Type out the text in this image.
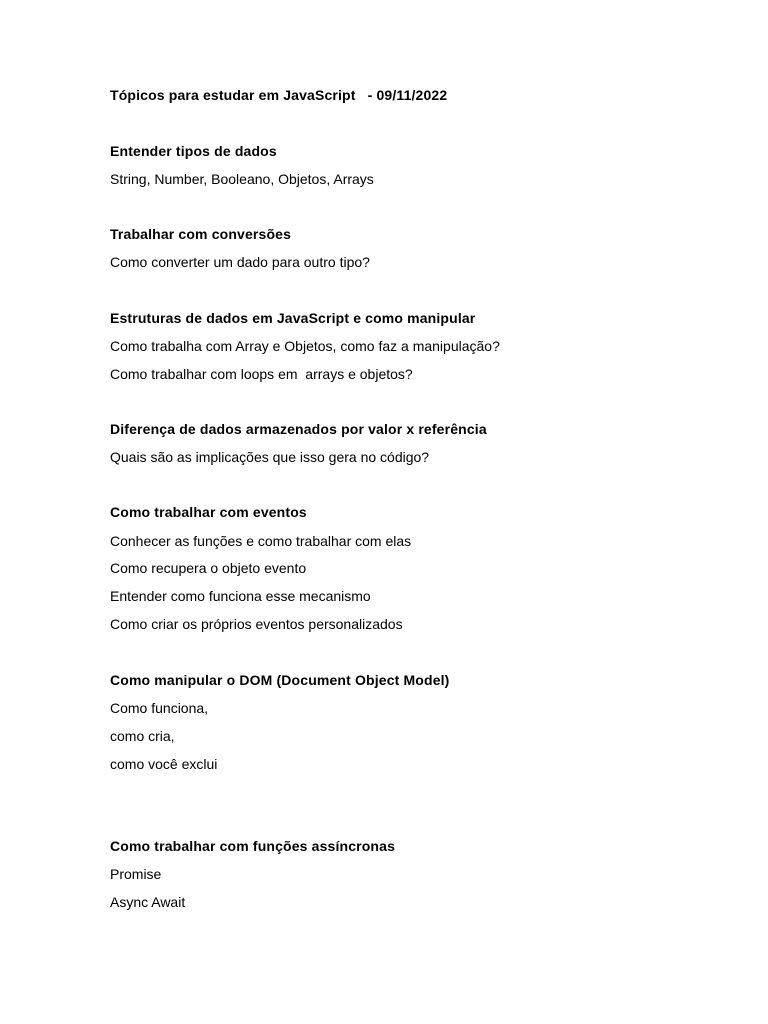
Tópicos para estudar em JavaScript   - 09/11/2022
Entender tipos de dados
String, Number, Booleano, Objetos, Arrays
Trabalhar com conversões
Como converter um dado para outro tipo?
Estruturas de dados em JavaScript e como manipular
Como trabalha com Array e Objetos, como faz a manipulação?
Como trabalhar com loops em  arrays e objetos?
Diferença de dados armazenados por valor x referência
Quais são as implicações que isso gera no código?
Como trabalhar com eventos
Conhecer as funções e como trabalhar com elas
Como recupera o objeto evento
Entender como funciona esse mecanismo
Como criar os próprios eventos personalizados
Como manipular o DOM (Document Object Model)
Como funciona,
como cria,
como você exclui
Como trabalhar com funções assíncronas
Promise
Async Await
